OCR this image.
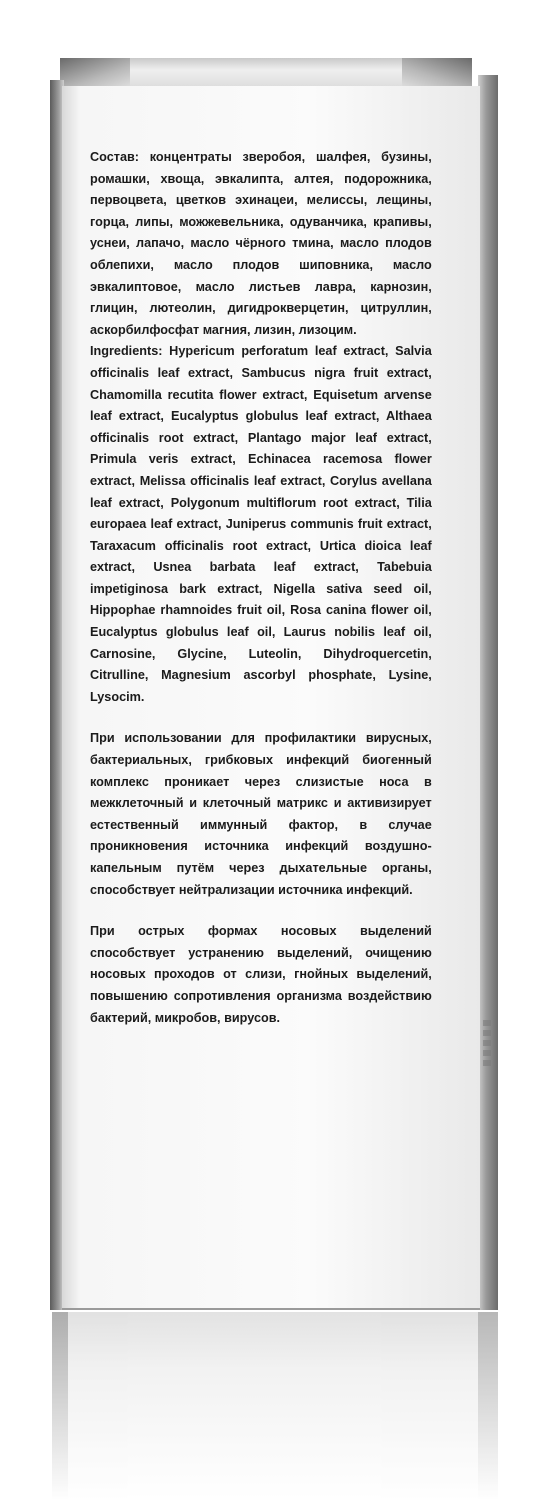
Состав: концентраты зверобоя, шалфея, бузины, ромашки, хвоща, эвкалипта, алтея, подорожника, первоцвета, цветков эхинацеи, мелиссы, лещины, горца, липы, можжевельника, одуванчика, крапивы, уснеи, лапачо, масло чёрного тмина, масло плодов облепихи, масло плодов шиповника, масло эвкалиптовое, масло листьев лавра, карнозин, глицин, лютеолин, дигидрокверцетин, цитруллин, аскорбилфосфат магния, лизин, лизоцим.

Ingredients: Hypericum perforatum leaf extract, Salvia officinalis leaf extract, Sambucus nigra fruit extract, Chamomilla recutita flower extract, Equisetum arvense leaf extract, Eucalyptus globulus leaf extract, Althaea officinalis root extract, Plantago major leaf extract, Primula veris extract, Echinacea racemosa flower extract, Melissa officinalis leaf extract, Corylus avellana leaf extract, Polygonum multiflorum root extract, Tilia europaea leaf extract, Juniperus communis fruit extract, Taraxacum officinalis root extract, Urtica dioica leaf extract, Usnea barbata leaf extract, Tabebuia impetiginosa bark extract, Nigella sativa seed oil, Hippophae rhamnoides fruit oil, Rosa canina flower oil, Eucalyptus globulus leaf oil, Laurus nobilis leaf oil, Carnosine, Glycine, Luteolin, Dihydroquercetin, Citrulline, Magnesium ascorbyl phosphate, Lysine, Lysocim.

При использовании для профилактики вирусных, бактериальных, грибковых инфекций биогенный комплекс проникает через слизистые носа в межклеточный и клеточный матрикс и активизирует естественный иммунный фактор, в случае проникновения источника инфекций воздушно-капельным путём через дыхательные органы, способствует нейтрализации источника инфекций.

При острых формах носовых выделений способствует устранению выделений, очищению носовых проходов от слизи, гнойных выделений, повышению сопротивления организма воздействию бактерий, микробов, вирусов.
